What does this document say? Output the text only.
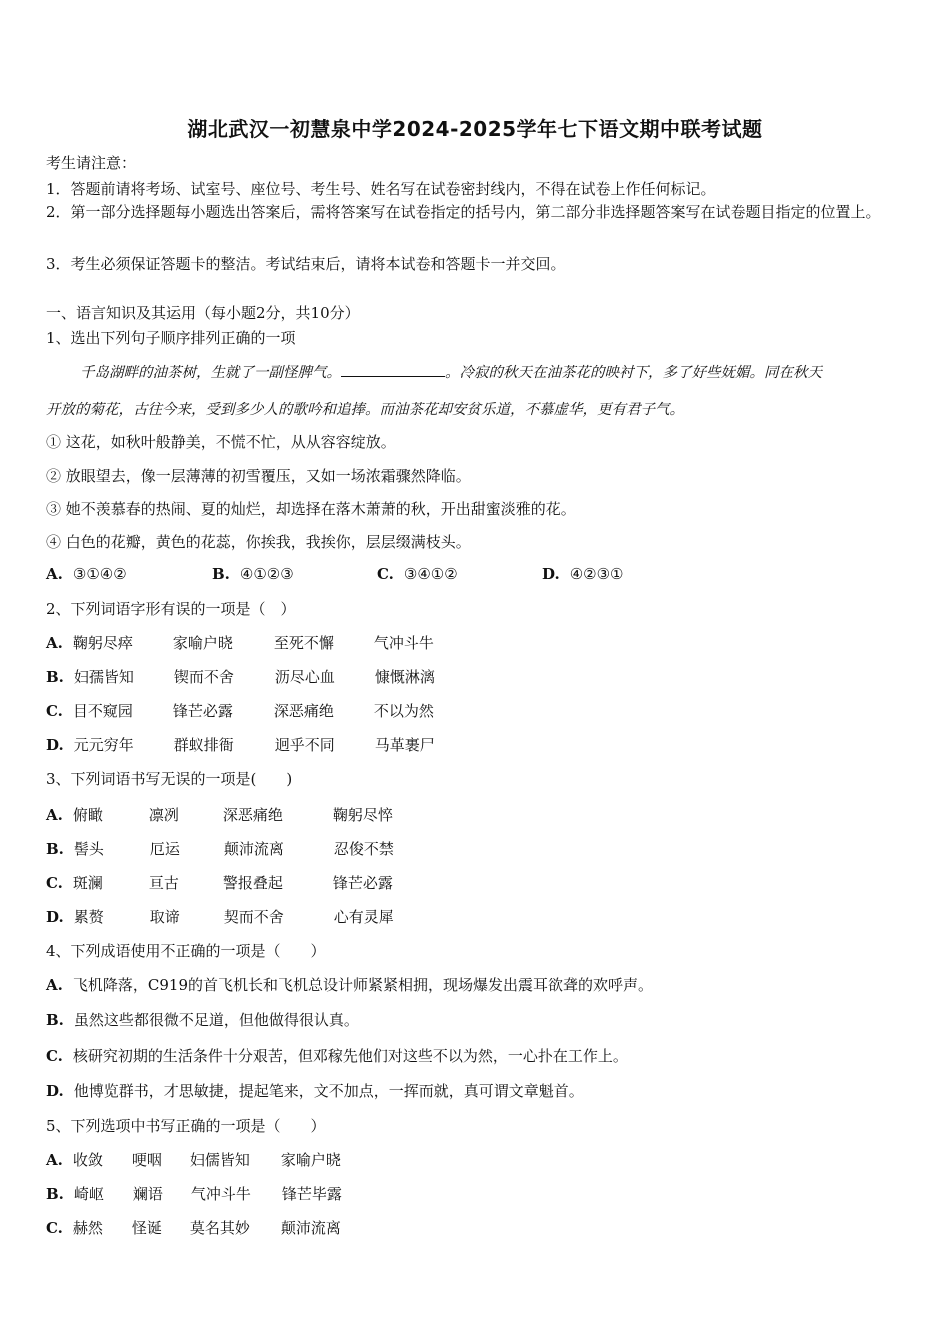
湖北武汉一初慧泉中学2024-2025学年七下语文期中联考试题
考生请注意：
1．答题前请将考场、试室号、座位号、考生号、姓名写在试卷密封线内，不得在试卷上作任何标记。
2．第一部分选择题每小题选出答案后，需将答案写在试卷指定的括号内，第二部分非选择题答案写在试卷题目指定的位置上。
3．考生必须保证答题卡的整洁。考试结束后，请将本试卷和答题卡一并交回。
一、语言知识及其运用（每小题2分，共10分）
1、选出下列句子顺序排列正确的一项
千岛湖畔的油茶树，生就了一副怪脾气。	。冷寂的秋天在油茶花的映衬下，多了好些妩媚。同在秋天
开放的菊花，古往今来，受到多少人的歌吟和追捧。而油茶花却安贫乐道，不慕虚华，更有君子气。
① 这花，如秋叶般静美，不慌不忙，从从容容绽放。
② 放眼望去，像一层薄薄的初雪覆压，又如一场浓霜骤然降临。
③ 她不羡慕春的热闹、夏的灿烂，却选择在落木萧萧的秋，开出甜蜜淡雅的花。
④ 白色的花瓣，黄色的花蕊，你挨我，我挨你，层层缀满枝头。
A. ③①④②	B. ④①②③	C. ③④①②	D. ④②③①
2、下列词语字形有误的一项是（　）
A. 鞠躬尽瘁	家喻户晓	至死不懈	气冲斗牛
B. 妇孺皆知	锲而不舍	沥尽心血	慷慨淋漓
C. 目不窥园	锋芒必露	深恶痛绝	不以为然
D. 元元穷年	群蚁排衙	迥乎不同	马革裹尸
3、下列词语书写无误的一项是(　　)
A. 俯瞰	凛冽	深恶痛绝	鞠躬尽悴
B. 髻头	厄运	颠沛流离	忍俊不禁
C. 斑澜	亘古	警报叠起	锋芒必露
D. 累赘	取谛	契而不舍	心有灵犀
4、下列成语使用不正确的一项是（　　）
A. 飞机降落，C919的首飞机长和飞机总设计师紧紧相拥，现场爆发出震耳欲聋的欢呼声。
B. 虽然这些都很微不足道，但他做得很认真。
C. 核研究初期的生活条件十分艰苦，但邓稼先他们对这些不以为然，一心扑在工作上。
D. 他博览群书，才思敏捷，提起笔来，文不加点，一挥而就，真可谓文章魁首。
5、下列选项中书写正确的一项是（　　）
A. 收敛 哽咽 妇儒皆知 家喻户晓
B. 崎岖 斓语 气冲斗牛 锋芒毕露
C. 赫然 怪诞 莫名其妙 颠沛流离
